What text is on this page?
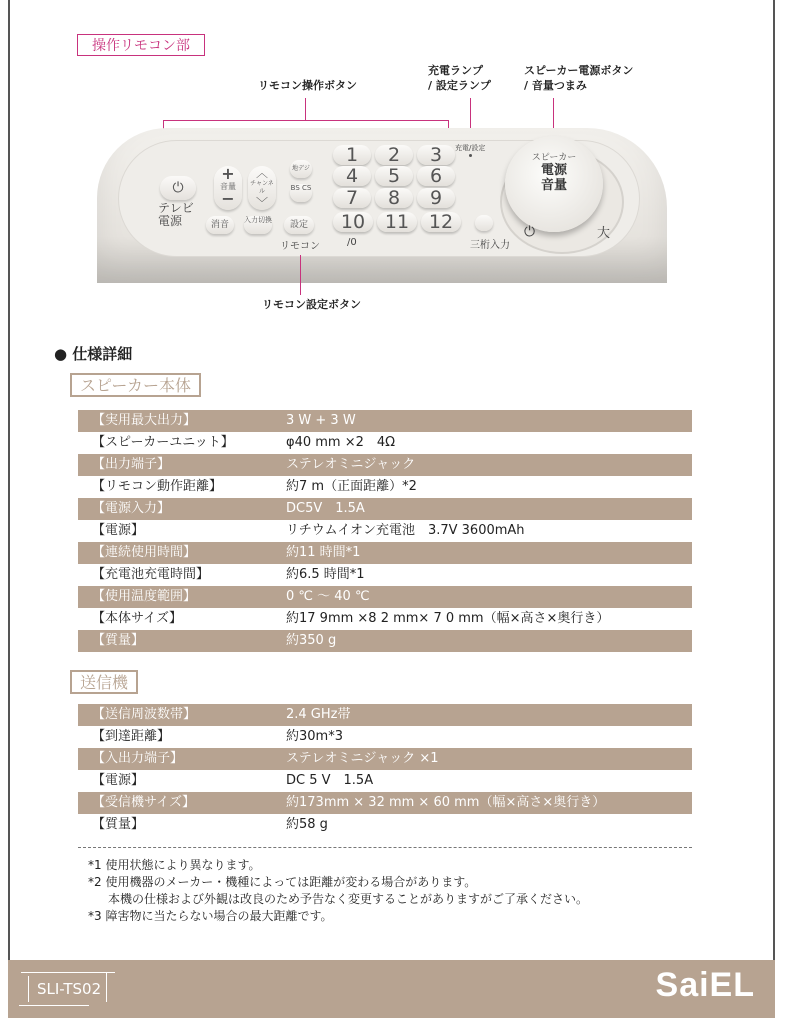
操作リモコン部
リモコン操作ボタン
充電ランプ
/ 設定ランプ
スピーカー電源ボタン
/ 音量つまみ
⏻
テレビ
電源
+
音量
−
︿
チャンネル
﹀
地デジ
BS CS
消音	入力切換	設定
リモコン
1	2	3
4	5	6
7	8	9
10	11	12
/0
充電/設定
三桁入力
スピーカー
電源
音量
⏻	大
リモコン設定ボタン
● 仕様詳細
スピーカー本体
【実用最大出力】	3 W + 3 W
【スピーカーユニット】	φ40 mm ×2　4Ω
【出力端子】	ステレオミニジャック
【リモコン動作距離】	約7 m（正面距離）*2
【電源入力】	DC5V　1.5A
【電源】	リチウムイオン充電池　3.7V 3600mAh
【連続使用時間】	約11 時間*1
【充電池充電時間】	約6.5 時間*1
【使用温度範囲】	0 ℃ ～ 40 ℃
【本体サイズ】	約17 9mm ×8 2 mm× 7 0 mm（幅×高さ×奥行き）
【質量】	約350 g
送信機
【送信周波数帯】	2.4 GHz帯
【到達距離】	約30m*3
【入出力端子】	ステレオミニジャック ×1
【電源】	DC 5 V　1.5A
【受信機サイズ】	約173mm × 32 mm × 60 mm（幅×高さ×奥行き）
【質量】	約58 g
*1 使用状態により異なります。
*2 使用機器のメーカー・機種によっては距離が変わる場合があります。
本機の仕様および外観は改良のため予告なく変更することがありますがご了承ください。
*3 障害物に当たらない場合の最大距離です。
SLI-TS02	SaiEL
